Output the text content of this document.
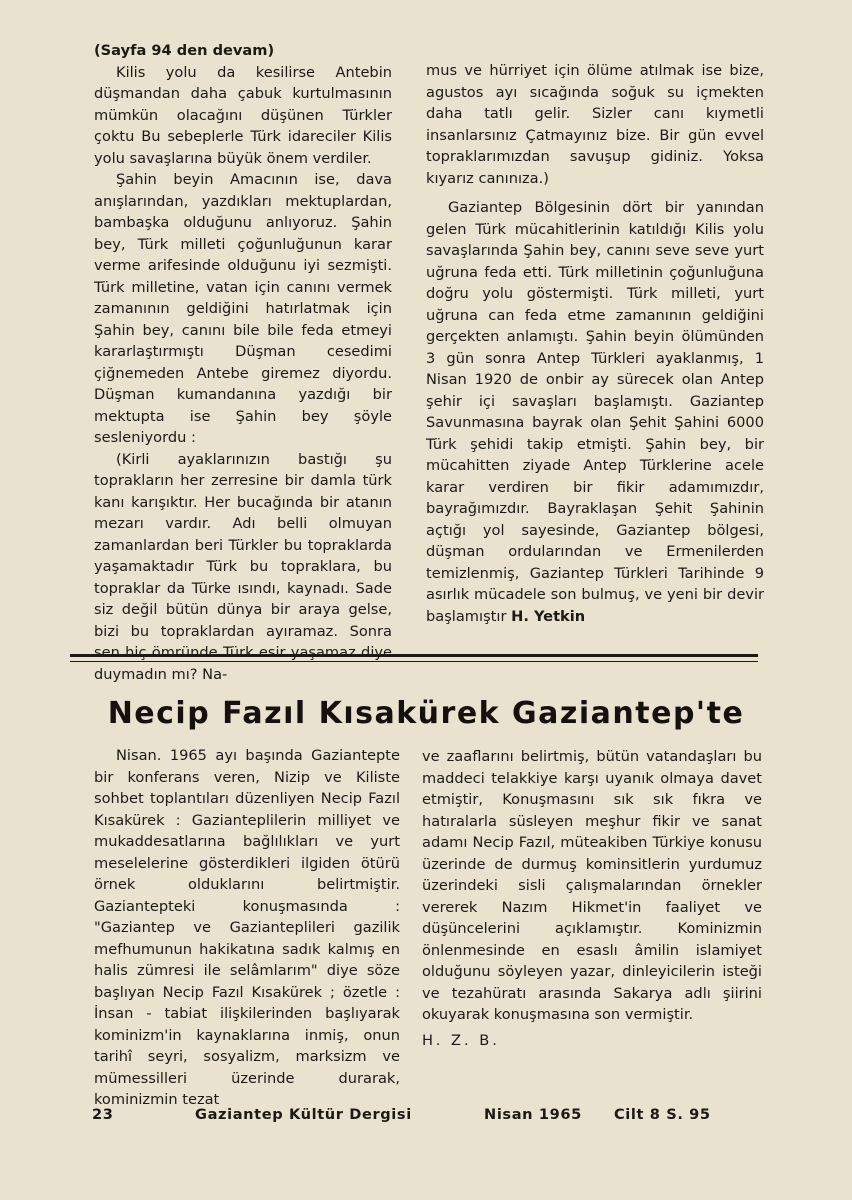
(Sayfa 94 den devam)

Kilis yolu da kesilirse Antebin düşmandan daha çabuk kurtulmasının mümkün olacağını düşünen Türkler çoktu Bu sebeplerle Türk idareciler Kilis yolu savaşlarına büyük önem verdiler.

Şahin beyin Amacının ise, dava anışlarından, yazdıkları mektuplardan, bambaşka olduğunu anlıyoruz. Şahin bey, Türk milleti çoğunluğunun karar verme arifesinde olduğunu iyi sezmişti. Türk milletine, vatan için canını vermek zamanının geldiğini hatırlatmak için Şahin bey, canını bile bile feda etmeyi kararlaştırmıştı Düşman cesedimi çiğnemeden Antebe giremez diyordu. Düşman kumandanına yazdığı bir mektupta ise Şahin bey şöyle sesleniyordu :

(Kirli ayaklarınızın bastığı şu toprakların her zerresine bir damla türk kanı karışıktır. Her bucağında bir atanın mezarı vardır. Adı belli olmuyan zamanlardan beri Türkler bu topraklarda yaşamaktadır Türk bu topraklara, bu topraklar da Türke ısındı, kaynadı. Sade siz değil bütün dünya bir araya gelse, bizi bu topraklardan ayıramaz. Sonra sen hiç ömründe Türk esir yaşamaz diye duymadın mı? Na-

mus ve hürriyet için ölüme atılmak ise bize, agustos ayı sıcağında soğuk su içmekten daha tatlı gelir. Sizler canı kıymetli insanlarsınız Çatmayınız bize. Bir gün evvel topraklarımızdan savuşup gidiniz. Yoksa kıyarız canınıza.)

Gaziantep Bölgesinin dört bir yanından gelen Türk mücahitlerinin katıldığı Kilis yolu savaşlarında Şahin bey, canını seve seve yurt uğruna feda etti. Türk milletinin çoğunluğuna doğru yolu göstermişti. Türk milleti, yurt uğruna can feda etme zamanının geldiğini gerçekten anlamıştı. Şahin beyin ölümünden 3 gün sonra Antep Türkleri ayaklanmış, 1 Nisan 1920 de onbir ay sürecek olan Antep şehir içi savaşları başlamıştı. Gaziantep Savunmasına bayrak olan Şehit Şahini 6000 Türk şehidi takip etmişti. Şahin bey, bir mücahitten ziyade Antep Türklerine acele karar verdiren bir fikir adamımızdır, bayrağımızdır. Bayraklaşan Şehit Şahinin açtığı yol sayesinde, Gaziantep bölgesi, düşman ordularından ve Ermenilerden temizlenmiş, Gaziantep Türkleri Tarihinde 9 asırlık mücadele son bulmuş, ve yeni bir devir başlamıştır H. Yetkin

Necip Fazıl Kısakürek Gaziantep'te

Nisan. 1965 ayı başında Gaziantepte bir konferans veren, Nizip ve Kiliste sohbet toplantıları düzenliyen Necip Fazıl Kısakürek : Gazianteplilerin milliyet ve mukaddesatlarına bağlılıkları ve yurt meselelerine gösterdikleri ilgiden ötürü örnek olduklarını belirtmiştir. Gaziantepteki konuşmasında : "Gaziantep ve Gazianteplileri gazilik mefhumunun hakikatına sadık kalmış en halis zümresi ile selâmlarım" diye söze başlıyan Necip Fazıl Kısakürek ; özetle : İnsan - tabiat ilişkilerinden başlıyarak kominizm'in kaynaklarına inmiş, onun tarihî seyri, sosyalizm, marksizm ve mümessilleri üzerinde durarak, kominizmin tezat

ve zaaflarını belirtmiş, bütün vatandaşları bu maddeci telakkiye karşı uyanık olmaya davet etmiştir, Konuşmasını sık sık fıkra ve hatıralarla süsleyen meşhur fikir ve sanat adamı Necip Fazıl, müteakiben Türkiye konusu üzerinde de durmuş kominsitlerin yurdumuz üzerindeki sisli çalışmalarından örnekler vererek Nazım Hikmet'in faaliyet ve düşüncelerini açıklamıştır. Kominizmin önlenmesinde en esaslı âmilin islamiyet olduğunu söyleyen yazar, dinleyicilerin isteği ve tezahüratı arasında Sakarya adlı şiirini okuyarak konuşmasına son vermiştir.

H. Z. B.

23	Gaziantep Kültür Dergisi	Nisan 1965 Cilt 8 S. 95
